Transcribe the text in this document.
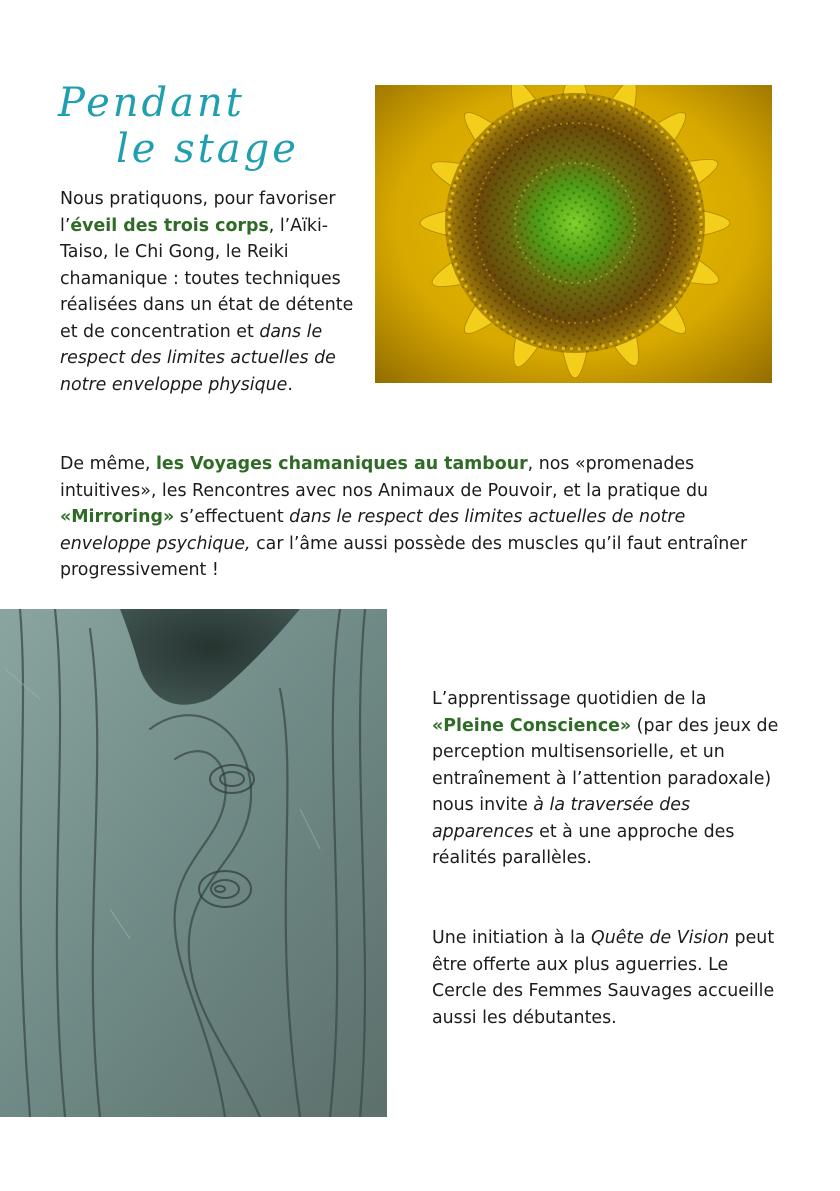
Pendant
le stage

Nous pratiquons, pour favoriser l’éveil des trois corps, l’Aïki-Taiso, le Chi Gong, le Reiki chamanique : toutes techniques réalisées dans un état de détente et de concentration et dans le respect des limites actuelles de notre enveloppe physique.

De même, les Voyages chamaniques au tambour, nos «promenades intuitives», les Rencontres avec nos Animaux de Pouvoir, et la pratique du «Mirroring» s’effectuent dans le respect des limites actuelles de notre enveloppe psychique, car l’âme aussi possède des muscles qu’il faut entraîner progressivement !

L’apprentissage quotidien de la «Pleine Conscience» (par des jeux de perception multisensorielle, et un entraînement à l’attention paradoxale) nous invite à la traversée des apparences et à une approche des réalités parallèles.

Une initiation à la Quête de Vision peut être offerte aux plus aguerries. Le Cercle des Femmes Sauvages accueille aussi les débutantes.
